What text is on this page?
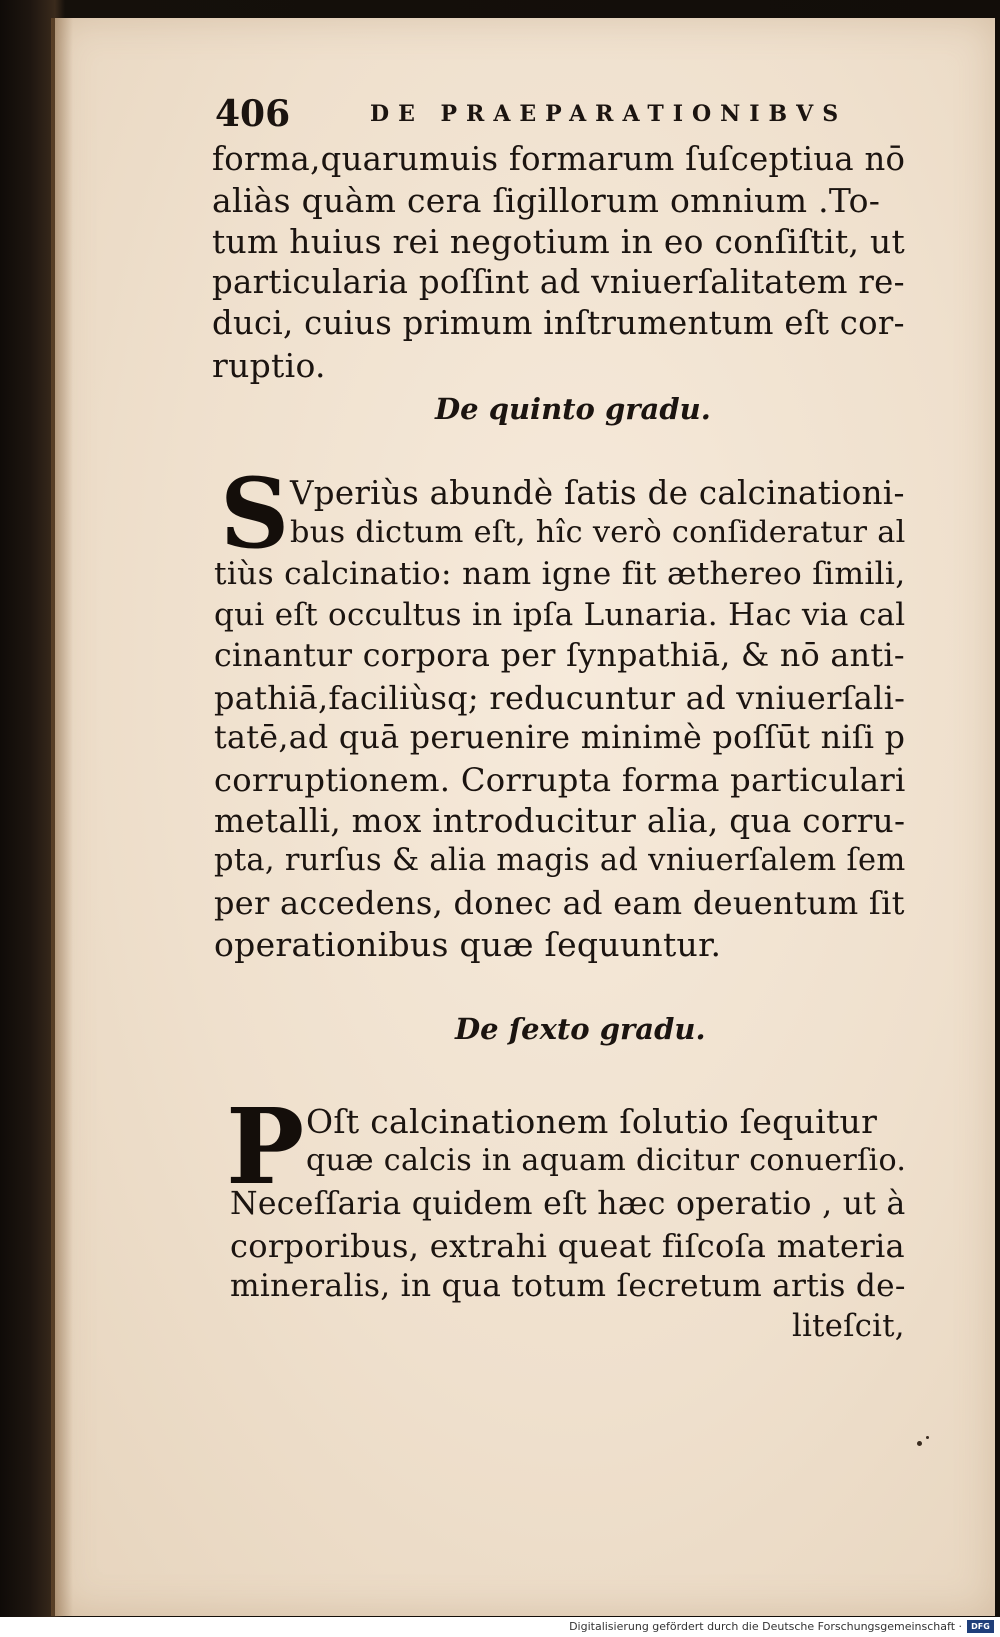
406	DE PRAEPARATIONIBVS
forma,quarumuis formarum ſuſceptiua nō
aliàs quàm cera ſigillorum omnium .To-
tum huius rei negotium in eo conſiſtit, ut
particularia poſſint ad vniuerſalitatem re-
duci, cuius primum inſtrumentum eſt cor-
ruptio.
De quinto gradu.
S Vperiùs abundè ſatis de calcinationi-
bus dictum eſt, hîc verò conſideratur al
tiùs calcinatio: nam igne fit æthereo ſimili,
qui eſt occultus in ipſa Lunaria. Hac via cal
cinantur corpora per ſynpathiā, & nō anti-
pathiā,faciliùsq; reducuntur ad vniuerſali-
tatē,ad quā peruenire minimè poſſūt niſi p
corruptionem. Corrupta forma particulari
metalli, mox introducitur alia, qua corru-
pta, rurſus & alia magis ad vniuerſalem ſem
per accedens, donec ad eam deuentum ſit
operationibus quæ ſequuntur.
De ſexto gradu.
P Oſt calcinationem ſolutio ſequitur
quæ calcis in aquam dicitur conuerſio.
Neceſſaria quidem eſt hæc operatio , ut à
corporibus, extrahi queat fiſcoſa materia
mineralis, in qua totum ſecretum artis de-
liteſcit,
Digitalisierung gefördert durch die Deutsche Forschungsgemeinschaft ·	DFG
